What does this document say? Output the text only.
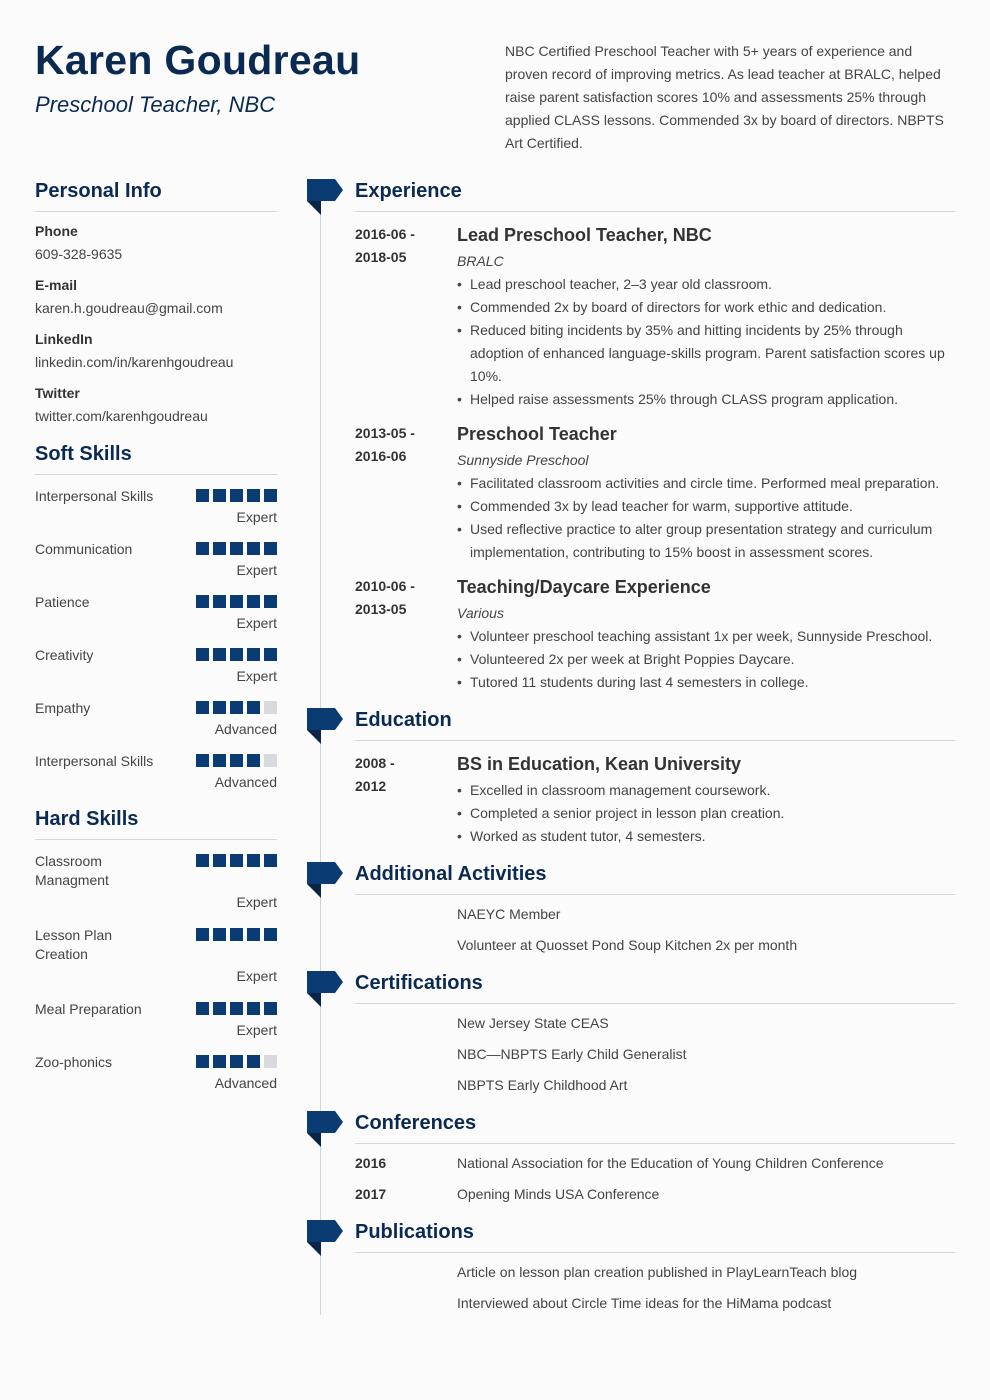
Karen Goudreau
Preschool Teacher, NBC
NBC Certified Preschool Teacher with 5+ years of experience and proven record of improving metrics. As lead teacher at BRALC, helped raise parent satisfaction scores 10% and assessments 25% through applied CLASS lessons. Commended 3x by board of directors. NBPTS Art Certified.
Personal Info
Phone
609-328-9635
E-mail
karen.h.goudreau@gmail.com
LinkedIn
linkedin.com/in/karenhgoudreau
Twitter
twitter.com/karenhgoudreau
Soft Skills
Interpersonal Skills
Expert
Communication
Expert
Patience
Expert
Creativity
Expert
Empathy
Advanced
Interpersonal Skills
Advanced
Hard Skills
Classroom Managment
Expert
Lesson Plan Creation
Expert
Meal Preparation
Expert
Zoo-phonics
Advanced
Experience
2016-06 -
2018-05
Lead Preschool Teacher, NBC
BRALC
• Lead preschool teacher, 2–3 year old classroom.
• Commended 2x by board of directors for work ethic and dedication.
• Reduced biting incidents by 35% and hitting incidents by 25% through adoption of enhanced language-skills program. Parent satisfaction scores up 10%.
• Helped raise assessments 25% through CLASS program application.
2013-05 -
2016-06
Preschool Teacher
Sunnyside Preschool
• Facilitated classroom activities and circle time. Performed meal preparation.
• Commended 3x by lead teacher for warm, supportive attitude.
• Used reflective practice to alter group presentation strategy and curriculum implementation, contributing to 15% boost in assessment scores.
2010-06 -
2013-05
Teaching/Daycare Experience
Various
• Volunteer preschool teaching assistant 1x per week, Sunnyside Preschool.
• Volunteered 2x per week at Bright Poppies Daycare.
• Tutored 11 students during last 4 semesters in college.
Education
2008 -
2012
BS in Education, Kean University
• Excelled in classroom management coursework.
• Completed a senior project in lesson plan creation.
• Worked as student tutor, 4 semesters.
Additional Activities
NAEYC Member
Volunteer at Quosset Pond Soup Kitchen 2x per month
Certifications
New Jersey State CEAS
NBC—NBPTS Early Child Generalist
NBPTS Early Childhood Art
Conferences
2016	National Association for the Education of Young Children Conference
2017	Opening Minds USA Conference
Publications
Article on lesson plan creation published in PlayLearnTeach blog
Interviewed about Circle Time ideas for the HiMama podcast
